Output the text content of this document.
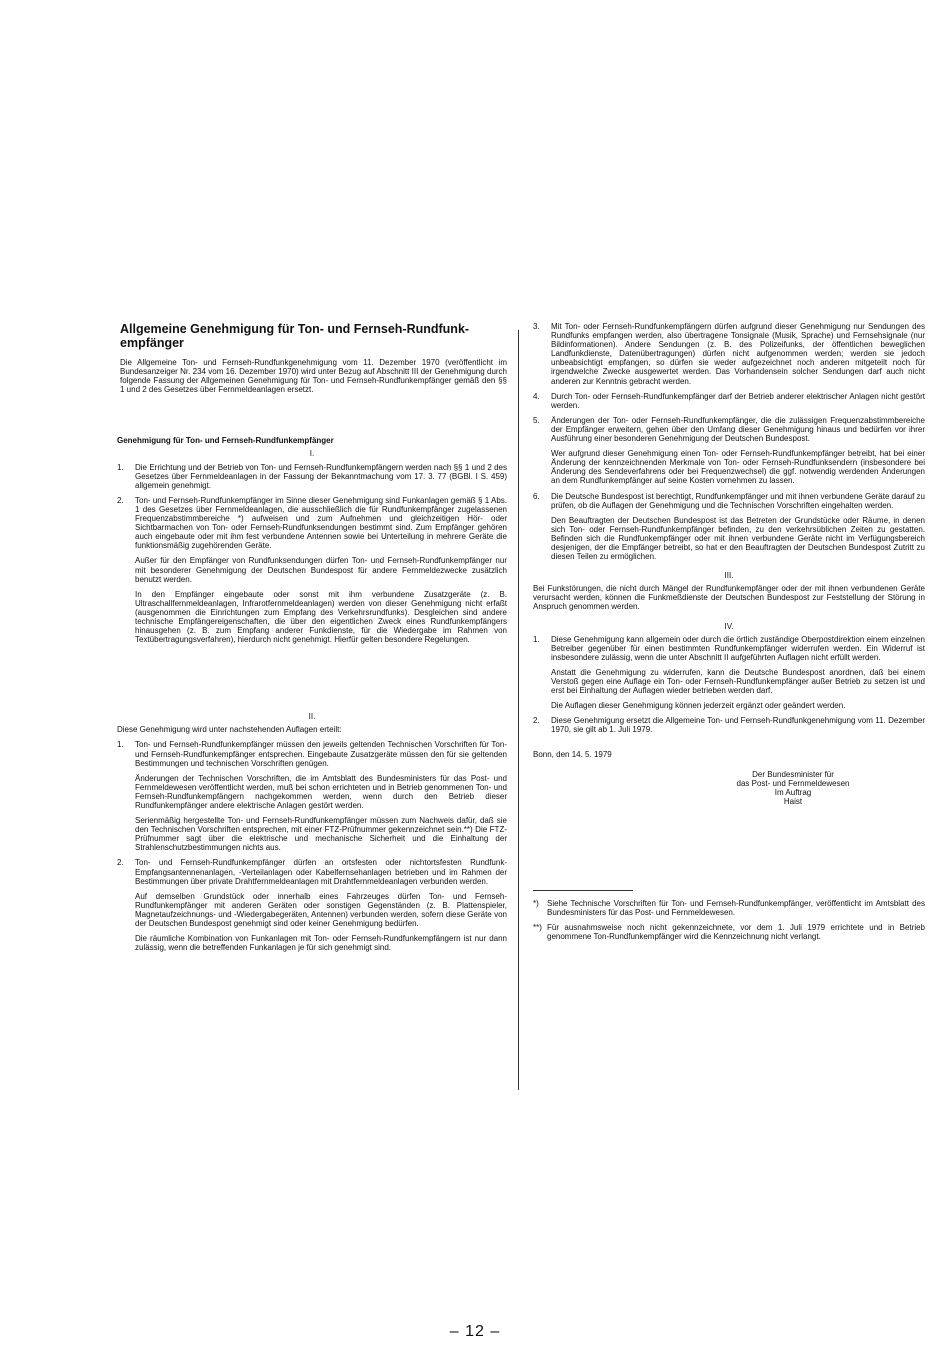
Allgemeine Genehmigung für Ton- und Fernseh-Rundfunk-empfänger

Die Allgemeine Ton- und Fernseh-Rundfunkgenehmigung vom 11. Dezember 1970 (veröffentlicht im Bundesanzeiger Nr. 234 vom 16. Dezember 1970) wird unter Bezug auf Abschnitt III der Genehmigung durch folgende Fassung der Allgemeinen Genehmigung für Ton- und Fernseh-Rundfunkempfänger gemäß den §§ 1 und 2 des Gesetzes über Fernmeldeanlagen ersetzt.

Genehmigung für Ton- und Fernseh-Rundfunkempfänger
I.
1. Die Errichtung und der Betrieb von Ton- und Fernseh-Rundfunkempfängern werden nach §§ 1 und 2 des Gesetzes über Fernmeldeanlagen in der Fassung der Bekanntmachung vom 17. 3. 77 (BGBl. I S. 459) allgemein genehmigt.

2. Ton- und Fernseh-Rundfunkempfänger im Sinne dieser Genehmigung sind Funkanlagen gemäß § 1 Abs. 1 des Gesetzes über Fernmeldeanlagen, die ausschließlich die für Rundfunkempfänger zugelassenen Frequenzabstimmbereiche *) aufweisen und zum Aufnehmen und gleichzeitigen Hör- oder Sichtbarmachen von Ton- oder Fernseh-Rundfunksendungen bestimmt sind. Zum Empfänger gehören auch eingebaute oder mit ihm fest verbundene Antennen sowie bei Unterteilung in mehrere Geräte die funktionsmäßig zugehörenden Geräte.

Außer für den Empfänger von Rundfunksendungen dürfen Ton- und Fernseh-Rundfunkempfänger nur mit besonderer Genehmigung der Deutschen Bundespost für andere Fernmeldezwecke zusätzlich benutzt werden.

In den Empfänger eingebaute oder sonst mit ihm verbundene Zusatzgeräte (z. B. Ultraschallfernmeldeanlagen, Infrarotfernmeldeanlagen) werden von dieser Genehmigung nicht erfaßt (ausgenommen die Einrichtungen zum Empfang des Verkehrsrundfunks). Desgleichen sind andere technische Empfängereigenschaften, die über den eigentlichen Zweck eines Rundfunkempfängers hinausgehen (z. B. zum Empfang anderer Funkdienste, für die Wiedergabe im Rahmen von Textübertragungsverfahren), hierdurch nicht genehmigt. Hierfür gelten besondere Regelungen.

II.

Diese Genehmigung wird unter nachstehenden Auflagen erteilt:

1. Ton- und Fernseh-Rundfunkempfänger müssen den jeweils geltenden Technischen Vorschriften für Ton- und Fernseh-Rundfunkempfänger entsprechen. Eingebaute Zusatzgeräte müssen den für sie geltenden Bestimmungen und technischen Vorschriften genügen.

Änderungen der Technischen Vorschriften, die im Amtsblatt des Bundesministers für das Post- und Fernmeldewesen veröffentlicht werden, muß bei schon errichteten und in Betrieb genommenen Ton- und Fernseh-Rundfunkempfängern nachgekommen werden, wenn durch den Betrieb dieser Rundfunkempfänger andere elektrische Anlagen gestört werden.

Serienmäßig hergestellte Ton- und Fernseh-Rundfunkempfänger müssen zum Nachweis dafür, daß sie den Technischen Vorschriften entsprechen, mit einer FTZ-Prüfnummer gekennzeichnet sein.**) Die FTZ-Prüfnummer sagt über die elektrische und mechanische Sicherheit und die Einhaltung der Strahlenschutzbestimmungen nichts aus.

2. Ton- und Fernseh-Rundfunkempfänger dürfen an ortsfesten oder nichtortsfesten Rundfunk-Empfangsantennenanlagen, -Verteilanlagen oder Kabelfernsehanlagen betrieben und im Rahmen der Bestimmungen über private Drahtfernmeldeanlagen mit Drahtfernmeldeanlagen verbunden werden.

Auf demselben Grundstück oder innerhalb eines Fahrzeuges dürfen Ton- und Fernseh-Rundfunkempfänger mit anderen Geräten oder sonstigen Gegenständen (z. B. Plattenspieler, Magnetaufzeichnungs- und -Wiedergabegeräten, Antennen) verbunden werden, sofern diese Geräte von der Deutschen Bundespost genehmigt sind oder keiner Genehmigung bedürfen.

Die räumliche Kombination von Funkanlagen mit Ton- oder Fernseh-Rundfunkempfängern ist nur dann zulässig, wenn die betreffenden Funkanlagen je für sich genehmigt sind.

3. Mit Ton- oder Fernseh-Rundfunkempfängern dürfen aufgrund dieser Genehmigung nur Sendungen des Rundfunks empfangen werden, also übertragene Tonsignale (Musik, Sprache) und Fernsehsignale (nur Bildinformationen). Andere Sendungen (z. B. des Polizeifunks, der öffentlichen beweglichen Landfunkdienste, Datenübertragungen) dürfen nicht aufgenommen werden; werden sie jedoch unbeabsichtigt empfangen, so dürfen sie weder aufgezeichnet noch anderen mitgeteilt noch für irgendwelche Zwecke ausgewertet werden. Das Vorhandensein solcher Sendungen darf auch nicht anderen zur Kenntnis gebracht werden.

4. Durch Ton- oder Fernseh-Rundfunkempfänger darf der Betrieb anderer elektrischer Anlagen nicht gestört werden.

5. Änderungen der Ton- oder Fernseh-Rundfunkempfänger, die die zulässigen Frequenzabstimmbereiche der Empfänger erweitern, gehen über den Umfang dieser Genehmigung hinaus und bedürfen vor ihrer Ausführung einer besonderen Genehmigung der Deutschen Bundespost.

Wer aufgrund dieser Genehmigung einen Ton- oder Fernseh-Rundfunkempfänger betreibt, hat bei einer Änderung der kennzeichnenden Merkmale von Ton- oder Fernseh-Rundfunksendern (insbesondere bei Änderung des Sendeverfahrens oder bei Frequenzwechsel) die ggf. notwendig werdenden Änderungen an dem Rundfunkempfänger auf seine Kosten vornehmen zu lassen.

6. Die Deutsche Bundespost ist berechtigt, Rundfunkempfänger und mit ihnen verbundene Geräte darauf zu prüfen, ob die Auflagen der Genehmigung und die Technischen Vorschriften eingehalten werden.

Den Beauftragten der Deutschen Bundespost ist das Betreten der Grundstücke oder Räume, in denen sich Ton- oder Fernseh-Rundfunkempfänger befinden, zu den verkehrsüblichen Zeiten zu gestatten. Befinden sich die Rundfunkempfänger oder mit ihnen verbundene Geräte nicht im Verfügungsbereich desjenigen, der die Empfänger betreibt, so hat er den Beauftragten der Deutschen Bundespost Zutritt zu diesen Teilen zu ermöglichen.

III.

Bei Funkstörungen, die nicht durch Mängel der Rundfunkempfänger oder der mit ihnen verbundenen Geräte verursacht werden, können die Funkmeßdienste der Deutschen Bundespost zur Feststellung der Störung in Anspruch genommen werden.

IV.
1. Diese Genehmigung kann allgemein oder durch die örtlich zuständige Oberpostdirektion einem einzelnen Betreiber gegenüber für einen bestimmten Rundfunkempfänger widerrufen werden. Ein Widerruf ist insbesondere zulässig, wenn die unter Abschnitt II aufgeführten Auflagen nicht erfüllt werden.

Anstatt die Genehmigung zu widerrufen, kann die Deutsche Bundespost anordnen, daß bei einem Verstoß gegen eine Auflage ein Ton- oder Fernseh-Rundfunkempfänger außer Betrieb zu setzen ist und erst bei Einhaltung der Auflagen wieder betrieben werden darf.

Die Auflagen dieser Genehmigung können jederzeit ergänzt oder geändert werden.

2. Diese Genehmigung ersetzt die Allgemeine Ton- und Fernseh-Rundfunkgenehmigung vom 11. Dezember 1970, sie gilt ab 1. Juli 1979.

Bonn, den 14. 5. 1979
Der Bundesminister für
das Post- und Fernmeldewesen
Im Auftrag
Haist
*) Siehe Technische Vorschriften für Ton- und Fernseh-Rundfunkempfänger, veröffentlicht im Amtsblatt des Bundesministers für das Post- und Fernmeldewesen.
**) Für ausnahmsweise noch nicht gekennzeichnete, vor dem 1. Juli 1979 errichtete und in Betrieb genommene Ton-Rundfunkempfänger wird die Kennzeichnung nicht verlangt.
– 12 –
